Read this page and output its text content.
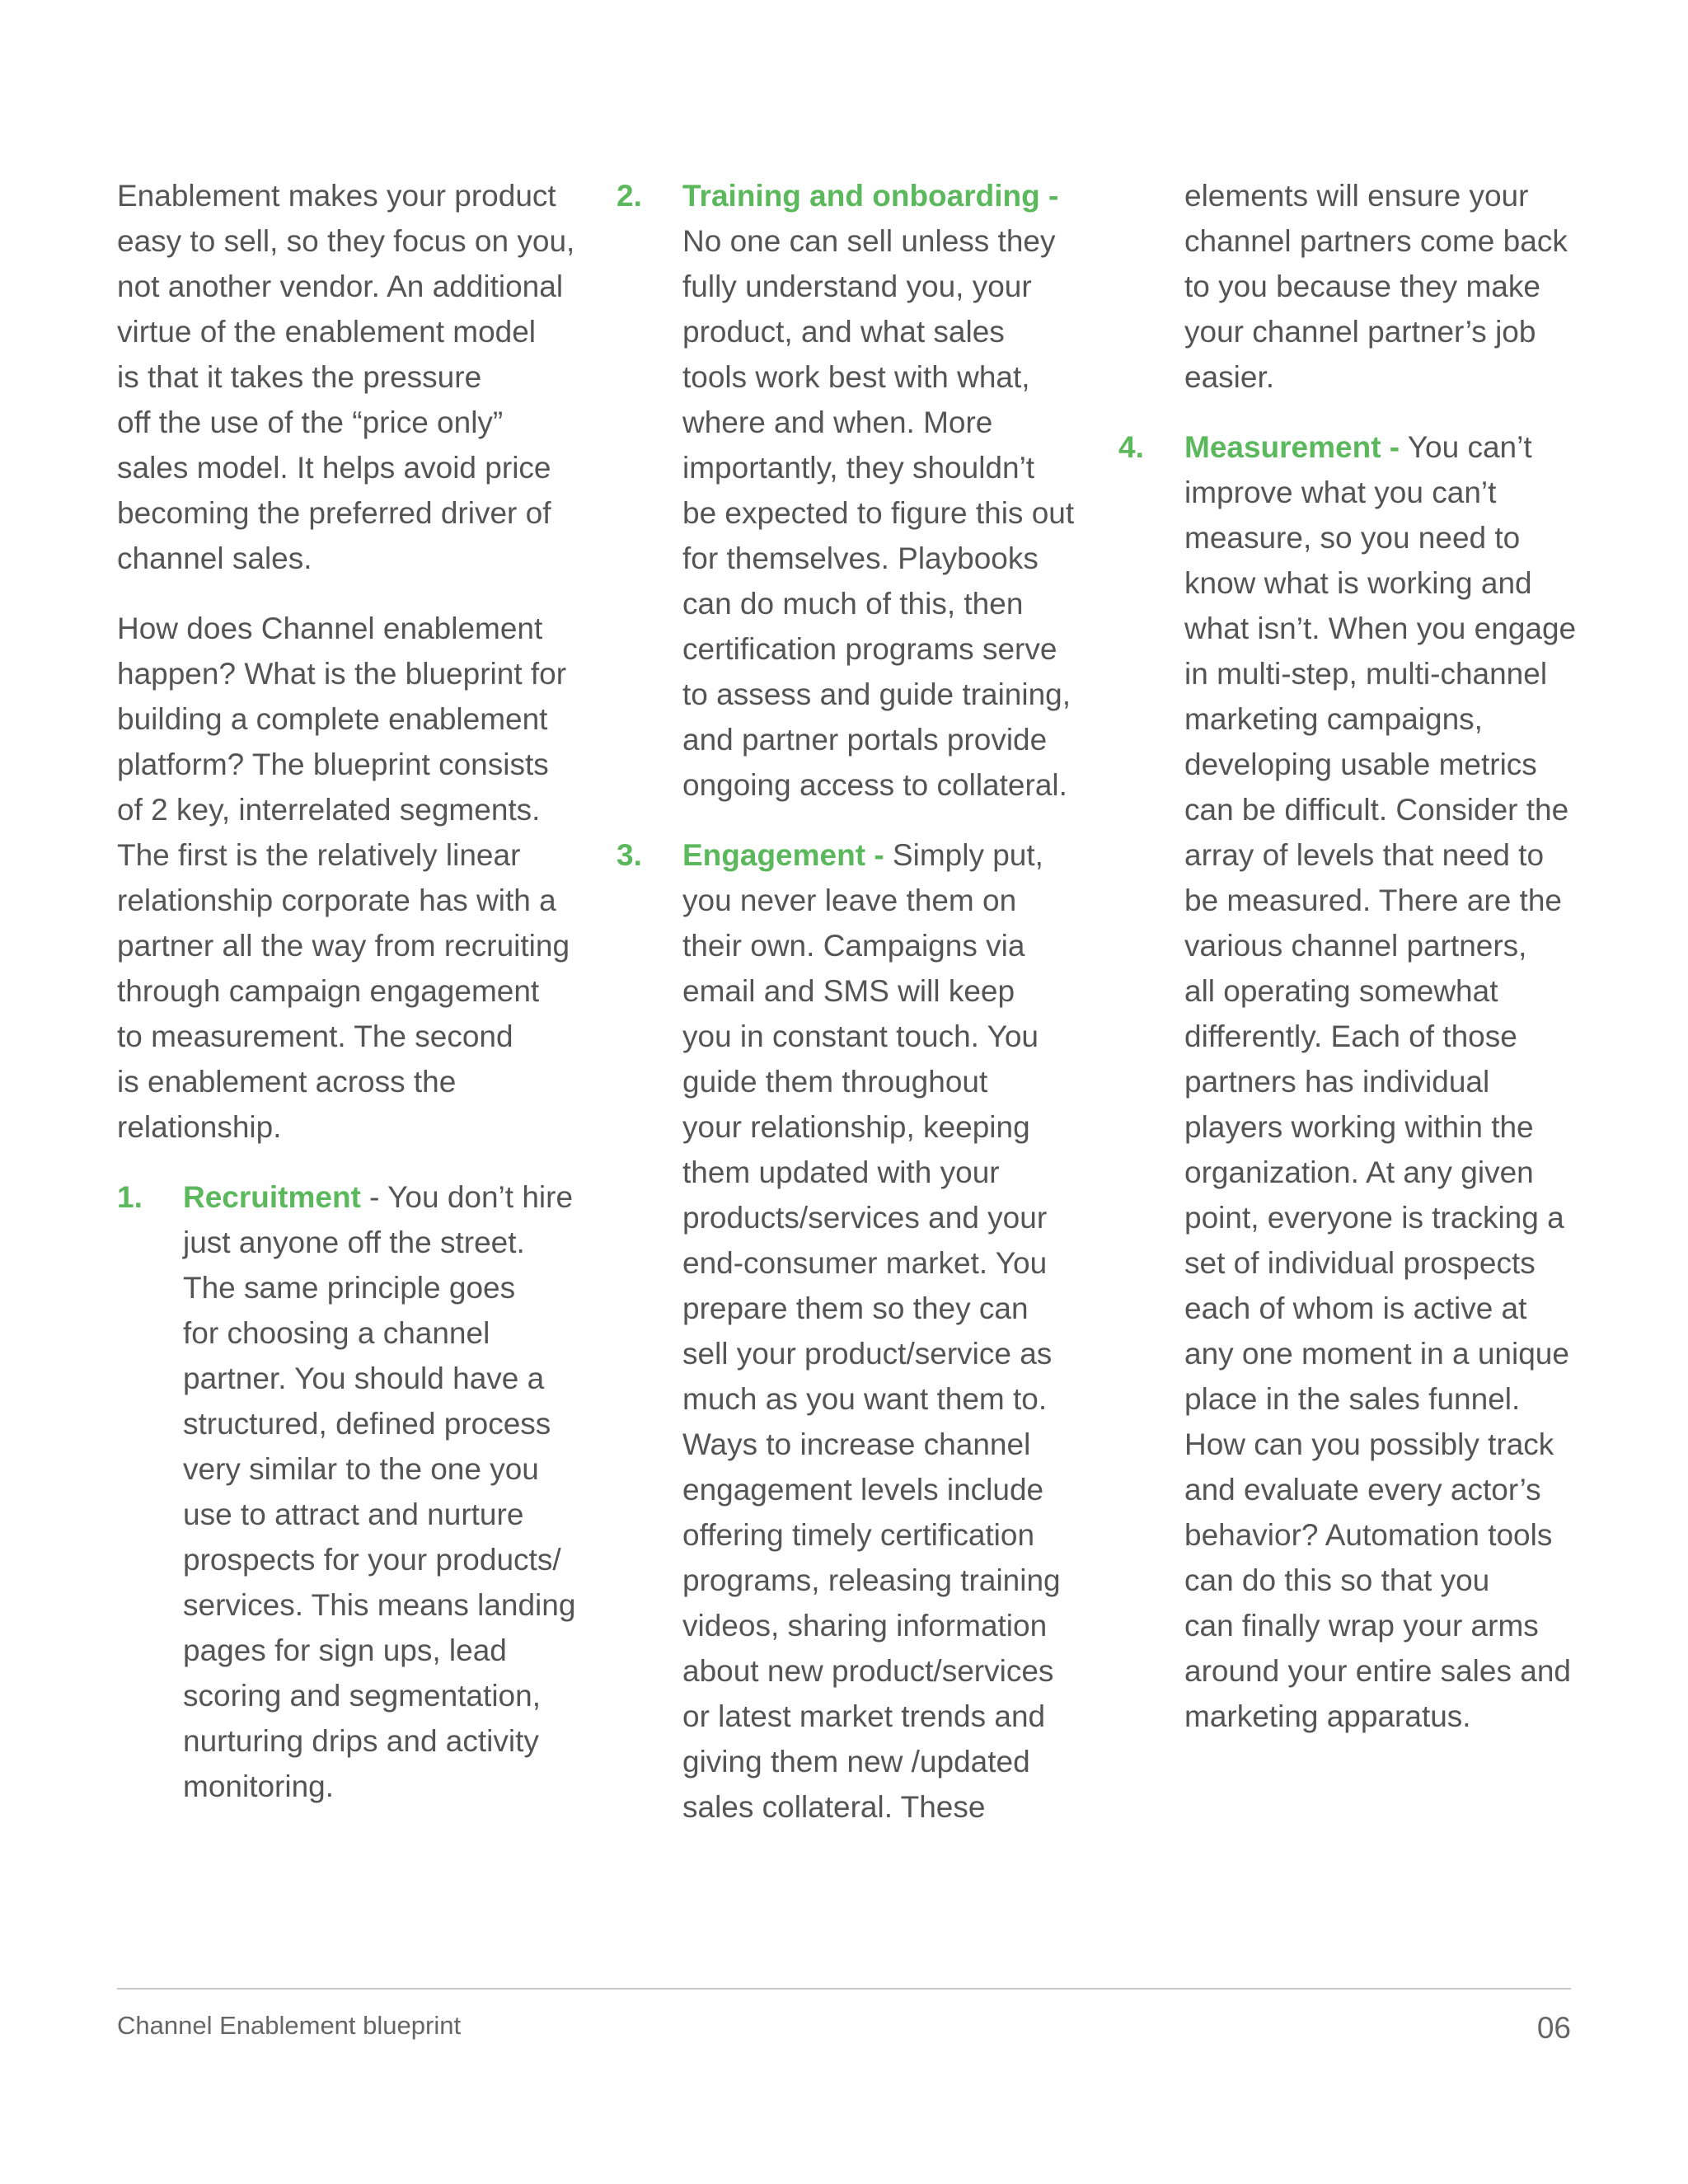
Enablement makes your product
easy to sell, so they focus on you,
not another vendor. An additional
virtue of the enablement model
is that it takes the pressure
off the use of the “price only”
sales model. It helps avoid price
becoming the preferred driver of
channel sales.

How does Channel enablement
happen? What is the blueprint for
building a complete enablement
platform? The blueprint consists
of 2 key, interrelated segments.
The first is the relatively linear
relationship corporate has with a
partner all the way from recruiting
through campaign engagement
to measurement. The second
is enablement across the
relationship.

1.	Recruitment - You don’t hire
just anyone off the street.
The same principle goes
for choosing a channel
partner. You should have a
structured, defined process
very similar to the one you
use to attract and nurture
prospects for your products/
services. This means landing
pages for sign ups, lead
scoring and segmentation,
nurturing drips and activity
monitoring.
2.	Training and onboarding -
No one can sell unless they
fully understand you, your
product, and what sales
tools work best with what,
where and when. More
importantly, they shouldn’t
be expected to figure this out
for themselves. Playbooks
can do much of this, then
certification programs serve
to assess and guide training,
and partner portals provide
ongoing access to collateral.
3.	Engagement - Simply put,
you never leave them on
their own. Campaigns via
email and SMS will keep
you in constant touch. You
guide them throughout
your relationship, keeping
them updated with your
products/services and your
end-consumer market. You
prepare them so they can
sell your product/service as
much as you want them to.
Ways to increase channel
engagement levels include
offering timely certification
programs, releasing training
videos, sharing information
about new product/services
or latest market trends and
giving them new /updated
sales collateral. These

elements will ensure your
channel partners come back
to you because they make
your channel partner’s job
easier.

4.	Measurement - You can’t
improve what you can’t
measure, so you need to
know what is working and
what isn’t. When you engage
in multi-step, multi-channel
marketing campaigns,
developing usable metrics
can be difficult. Consider the
array of levels that need to
be measured. There are the
various channel partners,
all operating somewhat
differently. Each of those
partners has individual
players working within the
organization. At any given
point, everyone is tracking a
set of individual prospects
each of whom is active at
any one moment in a unique
place in the sales funnel.
How can you possibly track
and evaluate every actor’s
behavior? Automation tools
can do this so that you
can finally wrap your arms
around your entire sales and
marketing apparatus.
Channel Enablement blueprint	06
